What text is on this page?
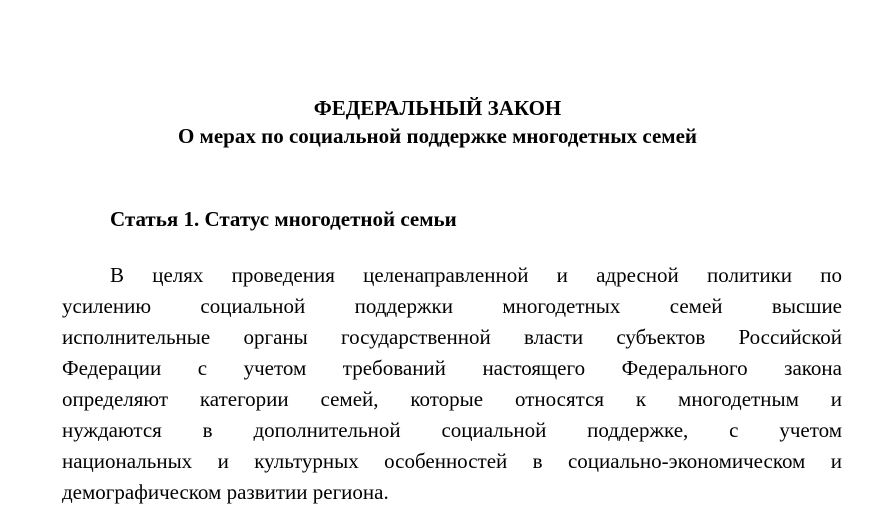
ФЕДЕРАЛЬНЫЙ ЗАКОН
О мерах по социальной поддержке многодетных семей
Статья 1. Статус многодетной семьи
В целях проведения целенаправленной и адресной политики по
усилению социальной поддержки многодетных семей высшие
исполнительные органы государственной власти субъектов Российской
Федерации с учетом требований настоящего Федерального закона
определяют категории семей, которые относятся к многодетным и
нуждаются в дополнительной социальной поддержке, с учетом
национальных и культурных особенностей в социально-экономическом и
демографическом развитии региона.
